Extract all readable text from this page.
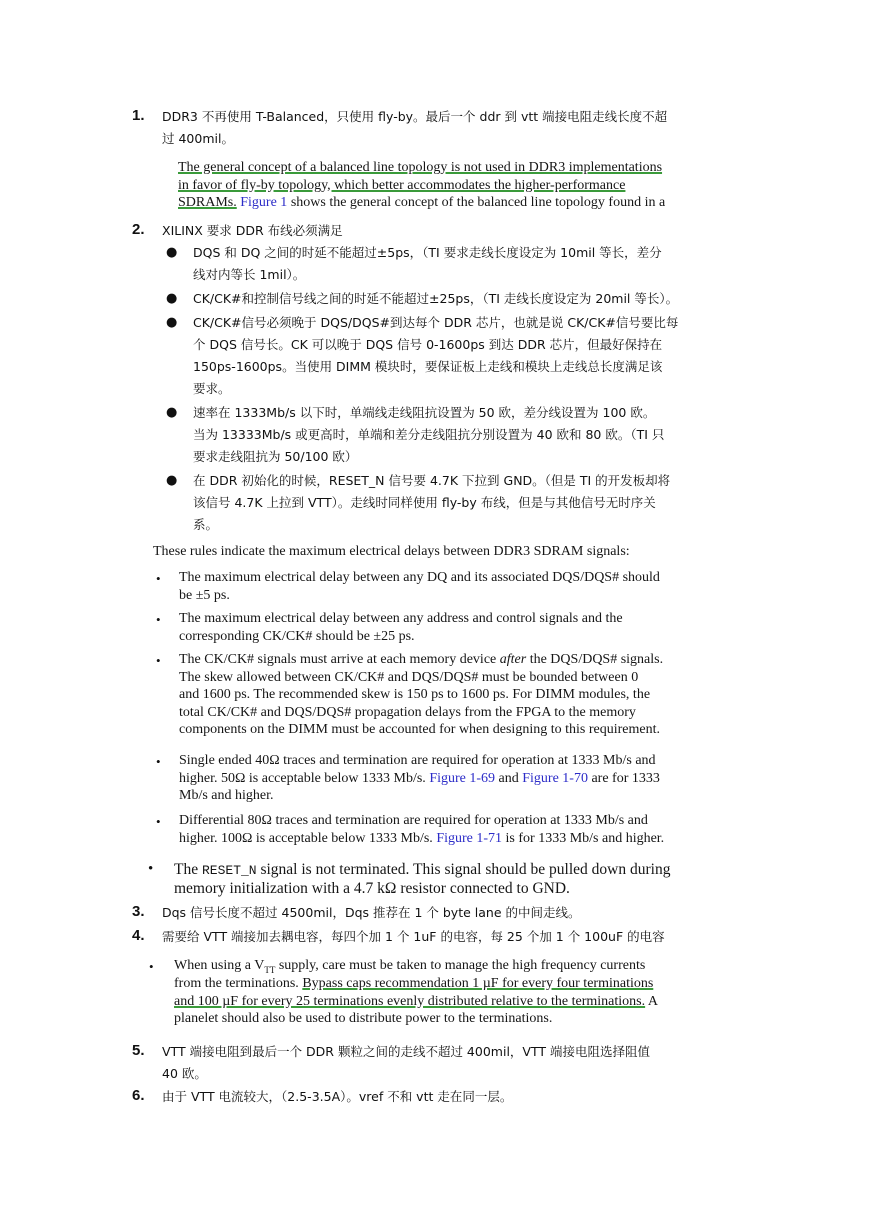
1. DDR3 不再使用 T-Balanced，只使用 fly-by。最后一个 ddr 到 vtt 端接电阻走线长度不超
过 400mil。
The general concept of a balanced line topology is not used in DDR3 implementations
in favor of fly-by topology, which better accommodates the higher-performance
SDRAMs. Figure 1 shows the general concept of the balanced line topology found in a
2. XILINX 要求 DDR 布线必须满足
● DQS 和 DQ 之间的时延不能超过±5ps，（TI 要求走线长度设定为 10mil 等长，差分
线对内等长 1mil）。
● CK/CK#和控制信号线之间的时延不能超过±25ps，（TI 走线长度设定为 20mil 等长）。
● CK/CK#信号必须晚于 DQS/DQS#到达每个 DDR 芯片，也就是说 CK/CK#信号要比每
个 DQS 信号长。CK 可以晚于 DQS 信号 0-1600ps 到达 DDR 芯片，但最好保持在
150ps-1600ps。当使用 DIMM 模块时，要保证板上走线和模块上走线总长度满足该
要求。
● 速率在 1333Mb/s 以下时，单端线走线阻抗设置为 50 欧，差分线设置为 100 欧。
当为 13333Mb/s 或更高时，单端和差分走线阻抗分别设置为 40 欧和 80 欧。（TI 只
要求走线阻抗为 50/100 欧）
● 在 DDR 初始化的时候，RESET_N 信号要 4.7K 下拉到 GND。（但是 TI 的开发板却将
该信号 4.7K 上拉到 VTT）。走线时同样使用 fly-by 布线，但是与其他信号无时序关
系。
These rules indicate the maximum electrical delays between DDR3 SDRAM signals:
• The maximum electrical delay between any DQ and its associated DQS/DQS# should
be ±5 ps.
• The maximum electrical delay between any address and control signals and the
corresponding CK/CK# should be ±25 ps.
• The CK/CK# signals must arrive at each memory device after the DQS/DQS# signals.
The skew allowed between CK/CK# and DQS/DQS# must be bounded between 0
and 1600 ps. The recommended skew is 150 ps to 1600 ps. For DIMM modules, the
total CK/CK# and DQS/DQS# propagation delays from the FPGA to the memory
components on the DIMM must be accounted for when designing to this requirement.
• Single ended 40Ω traces and termination are required for operation at 1333 Mb/s and
higher. 50Ω is acceptable below 1333 Mb/s. Figure 1-69 and Figure 1-70 are for 1333
Mb/s and higher.
• Differential 80Ω traces and termination are required for operation at 1333 Mb/s and
higher. 100Ω is acceptable below 1333 Mb/s. Figure 1-71 is for 1333 Mb/s and higher.
• The RESET_N signal is not terminated. This signal should be pulled down during
memory initialization with a 4.7 kΩ resistor connected to GND.
3. Dqs 信号长度不超过 4500mil，Dqs 推荐在 1 个 byte lane 的中间走线。
4. 需要给 VTT 端接加去耦电容，每四个加 1 个 1uF 的电容，每 25 个加 1 个 100uF 的电容
• When using a $V_{TT}$ supply, care must be taken to manage the high frequency currents
from the terminations. Bypass caps recommendation 1 µF for every four terminations
and 100 µF for every 25 terminations evenly distributed relative to the terminations. A
planelet should also be used to distribute power to the terminations.
5. VTT 端接电阻到最后一个 DDR 颗粒之间的走线不超过 400mil，VTT 端接电阻选择阻值
40 欧。
6. 由于 VTT 电流较大，（2.5-3.5A）。vref 不和 vtt 走在同一层。
